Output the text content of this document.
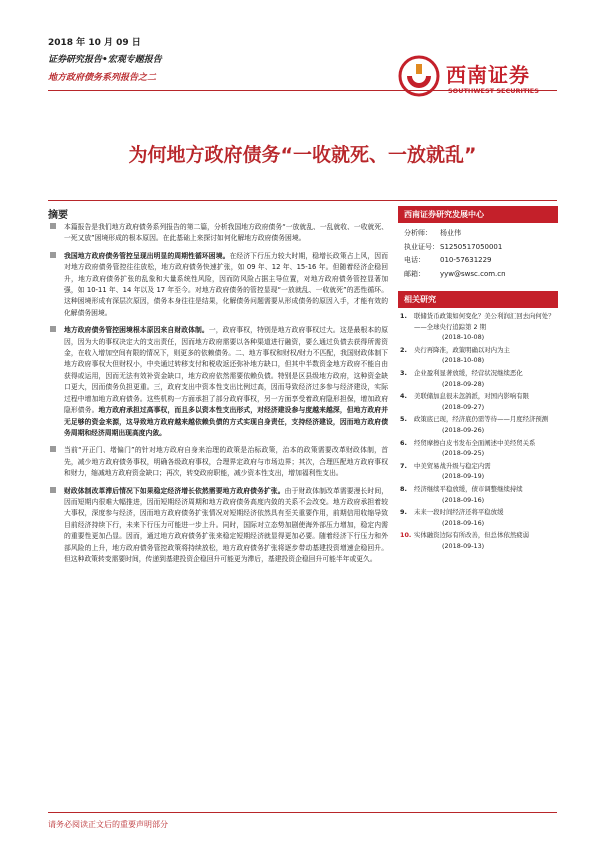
2018 年 10 月 09 日
证券研究报告•宏观专题报告
地方政府债务系列报告之二	西南证券
SOUTHWEST SECURITIES
为何地方政府债务“一收就死、一放就乱”
摘要
本篇报告是我们地方政府债务系列报告的第二篇，分析我国地方政府债务“一放就乱、一乱就收、一收就死、一死又放”困境形成的根本原因。在此基础上来探讨如何化解地方政府债务困境。
我国地方政府债务管控呈现出明显的周期性循环困境。在经济下行压力较大时期，稳增长政策占上风，因而对地方政府债务管控往往放松，地方政府债务快速扩张，如 09 年、12 年、15-16 年。但随着经济企稳回升，地方政府债务扩张的乱象和大量系统性风险，因而防风险占据主导位置，对地方政府债务管控显著加强，如 10-11 年、14 年以及 17 年至今。对地方政府债务的管控显现“一放就乱、一收就死”的恶性循环。这种困境形成有深层次原因，债务本身往往是结果，化解债务问题需要从形成债务的原因入手，才能有效的化解债务困境。
地方政府债务管控困境根本原因来自财政体制。一，政府事权，特别是地方政府事权过大。这是最根本的原因，因为大的事权决定大的支出责任，因而地方政府需要以各种渠道进行融资，要么通过负债去获得所需资金，在收入增加空间有限的情况下，则更多的依赖债务。二、地方事权和财权/财力不匹配，我国财政体制下地方政府事权大但财权小，中央通过转移支付和税收返还弥补地方缺口，但其中半数资金地方政府不能自由获得或运用，因而无法有效补资金缺口，地方政府依然需要依赖负债。特别是区县级地方政府，这种资金缺口更大，因而债务负担更重。三，政府支出中资本性支出比例过高，因而导致经济过多参与经济建设，实际过程中增加地方政府债务。这些机构一方面承担了部分政府事权，另一方面享受着政府隐形担保，增加政府隐形债务。地方政府承担过高事权，而且多以资本性支出形式，对经济建设参与度越来越深，但地方政府并无足够的资金来源，这导致地方政府越来越依赖负债的方式实现自身责任，支持经济建设，因而地方政府债务周期和经济周期出现高度内敛。
当前“开正门、堵偏门”的针对地方政府自身来治理的政策是治标政策，治本的政策需要改革财政体制，首先，减少地方政府债务事权，明确各级政府事权，合理界定政府与市场边界；其次，合理匹配地方政府事权和财力，缩减地方政府资金缺口；再次，转变政府职能，减少资本性支出，增加福利性支出。
财政体制改革滞后情况下如果稳定经济增长依然需要地方政府债务扩张。由于财政体制改革需要漫长时间，因而短期内很难大幅推进，因而短期经济周期和地方政府债务高度内敛的关系不会改变。地方政府承担着较大事权，深度参与经济，因而地方政府债务扩张情况对短期经济依然具有至关重要作用，前期信用收缩导致目前经济持续下行，未来下行压力可能进一步上升。同时，国际对立态势加剧使海外部压力增加，稳定内需的重要性更加凸显。因而，通过地方政府债务扩张来稳定短期经济就显得更加必要。随着经济下行压力和外部风险的上升，地方政府债务管控政策将持续放松，地方政府债务扩张将逐步带动基建投资增速企稳回升。但这种政策转变需要时间，传递到基建投资企稳回升可能更为滞后，基建投资企稳回升可能半年或更久。
西南证券研究发展中心
分析师： 杨业伟
执业证号：S1250517050001
电话： 010-57631229
邮箱： yyw@swsc.com.cn
相关研究
1.	联储货币政策如何变化？美公利润汇回去向何处？——全球央行追踪第 2 期
(2018-10-08)
2.	央行再降准，政策明确以对内为主
(2018-10-08)
3.	企业盈利显著放缓，经营状况继续恶化
(2018-09-28)
4.	美联储加息很未忽鸽派，对国内影响有限
(2018-09-27)
5.	政策底已现，经济底仍需等待——月度经济预测
(2018-09-26)
6.	经贸摩擦白皮书发布全面阐述中美经贸关系
(2018-09-25)
7.	中美贸易战升级与稳定内需
(2018-09-19)
8.	经济继续平稳放缓，债市调整继续持续
(2018-09-16)
9.	未来一段时间经济还将平稳放缓
(2018-09-16)
10. 实体融资边际有所改善，但总体依然疲弱
(2018-09-13)
请务必阅读正文后的重要声明部分
